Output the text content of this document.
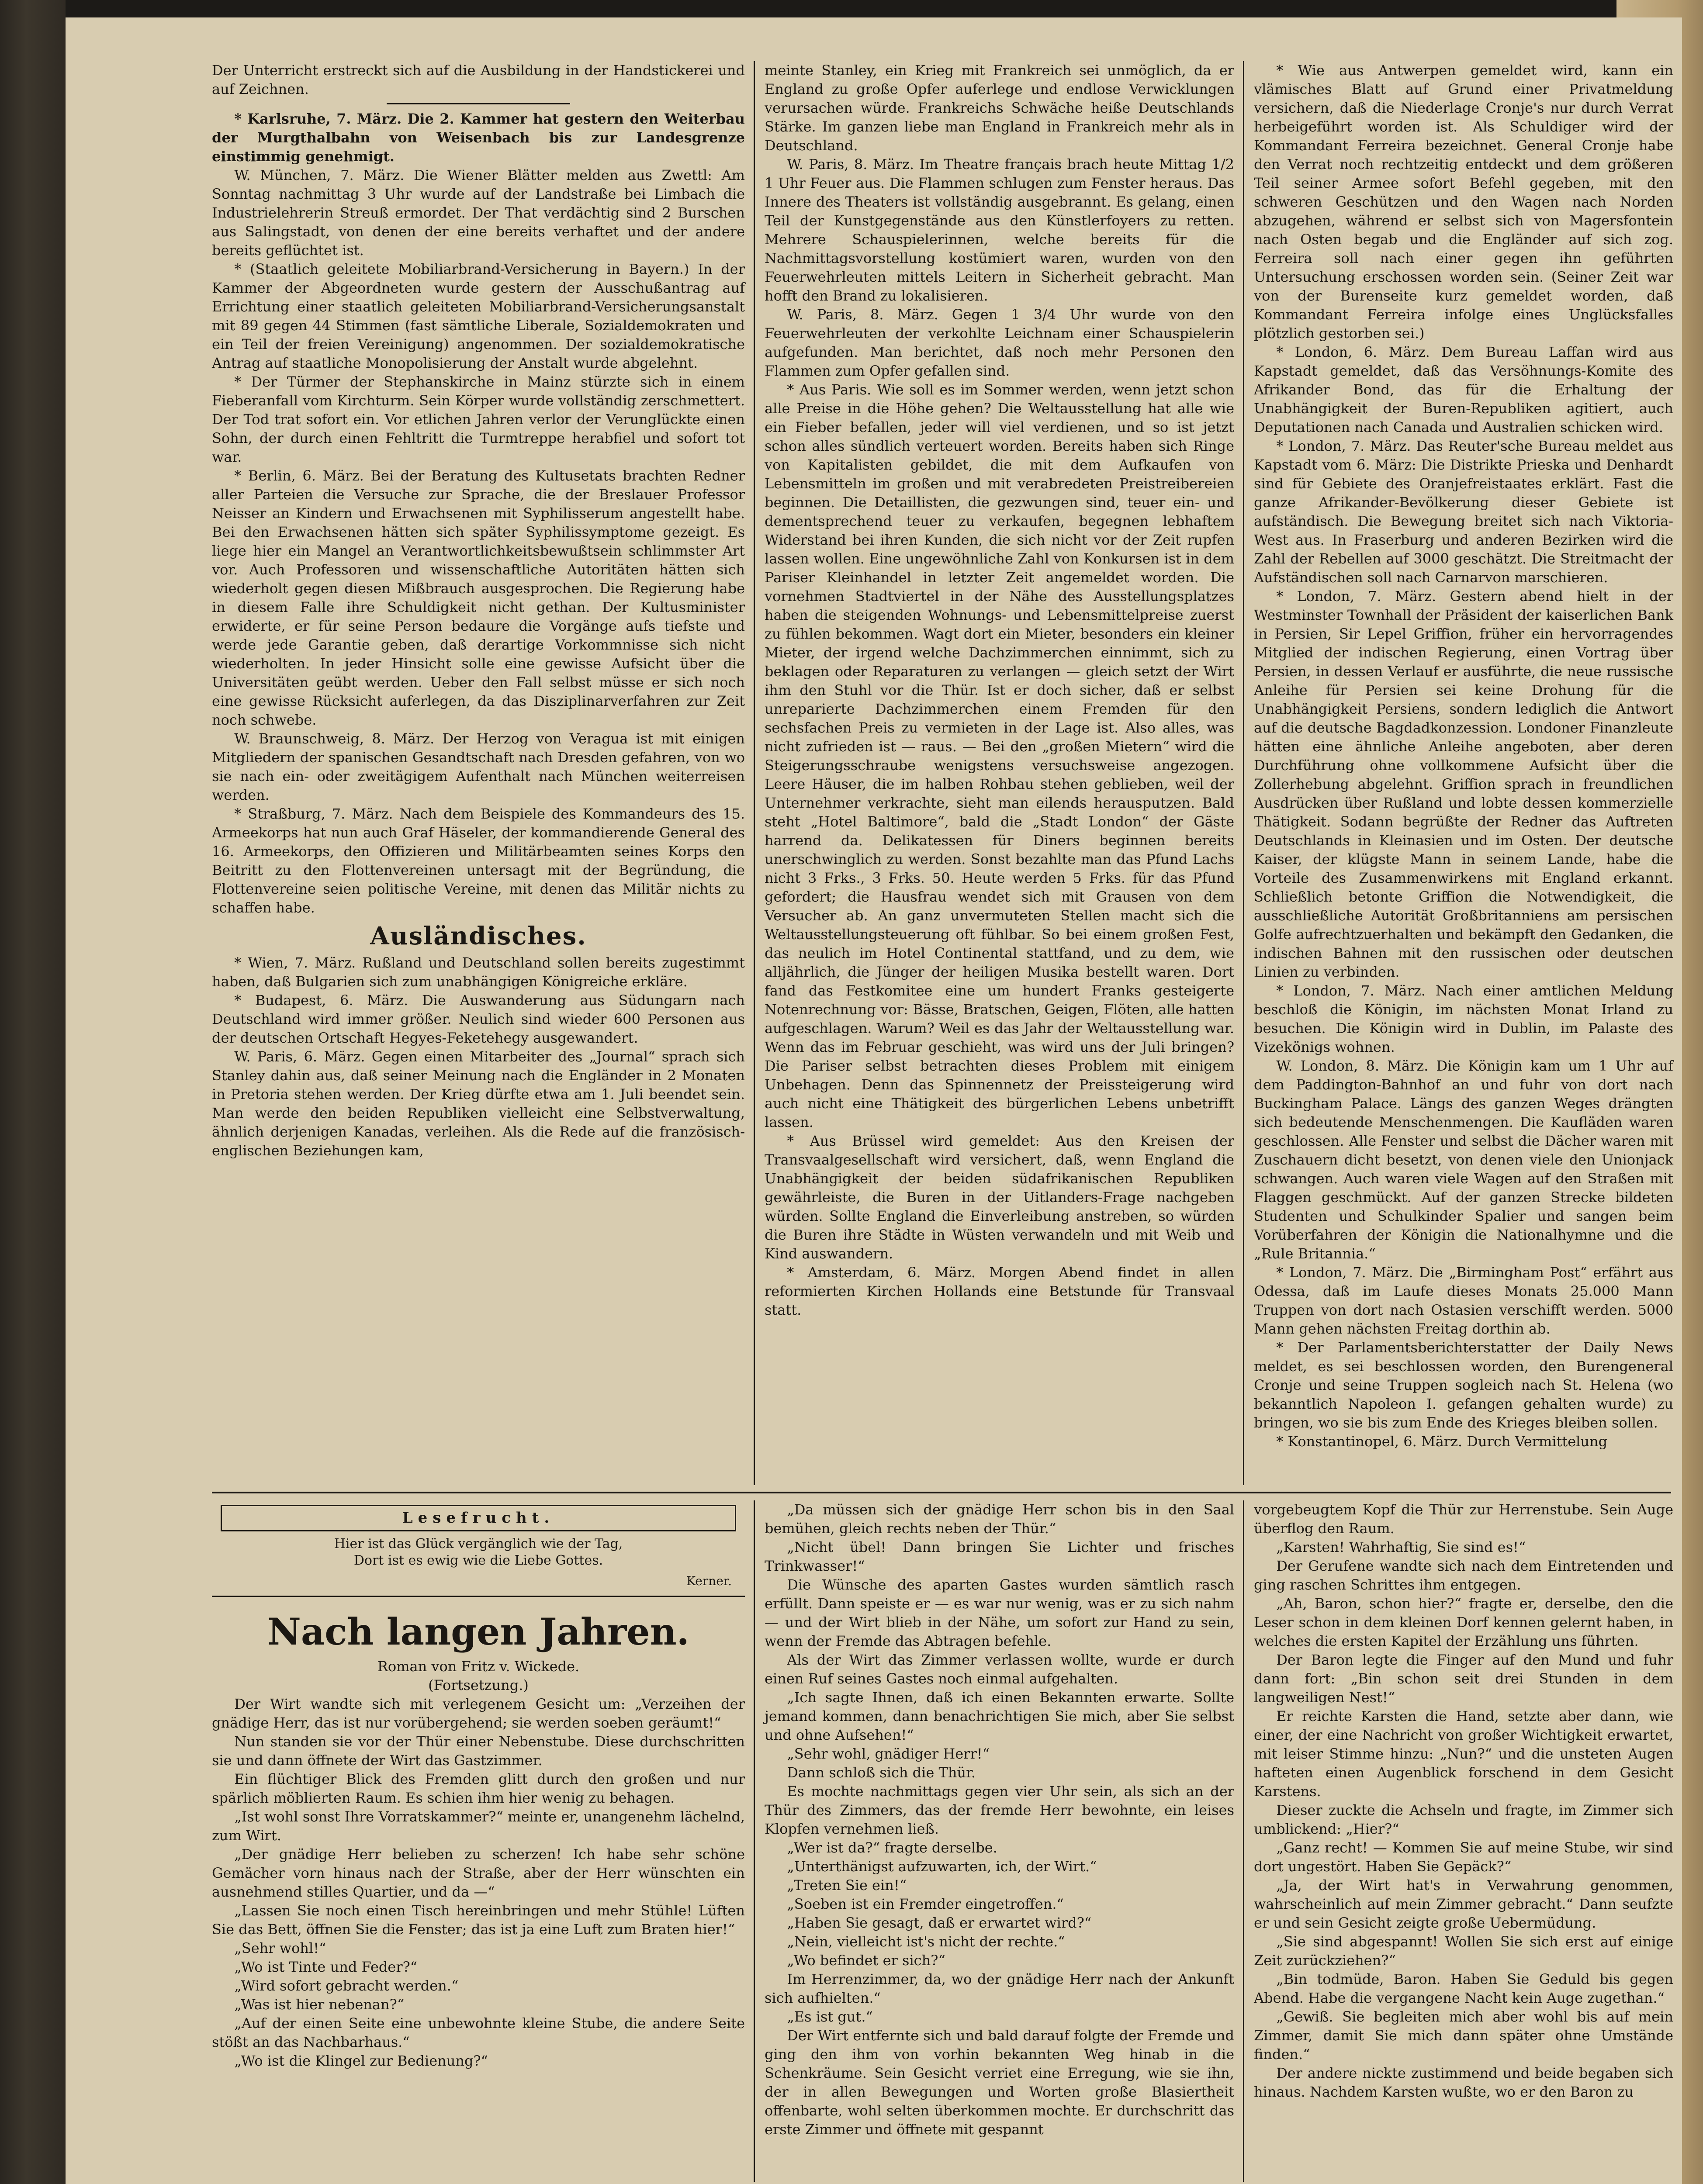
Der Unterricht erstreckt sich auf die Ausbildung in der Handstickerei und auf Zeichnen.

* Karlsruhe, 7. März. Die 2. Kammer hat gestern den Weiterbau der Murgthalbahn von Weisenbach bis zur Landesgrenze einstimmig genehmigt.

W. München, 7. März. Die Wiener Blätter melden aus Zwettl: Am Sonntag nachmittag 3 Uhr wurde auf der Landstraße bei Limbach die Industrielehrerin Streuß ermordet. Der That verdächtig sind 2 Burschen aus Salingstadt, von denen der eine bereits verhaftet und der andere bereits geflüchtet ist.

* (Staatlich geleitete Mobiliarbrand-Versicherung in Bayern.) In der Kammer der Abgeordneten wurde gestern der Ausschußantrag auf Errichtung einer staatlich geleiteten Mobiliarbrand-Versicherungsanstalt mit 89 gegen 44 Stimmen (fast sämtliche Liberale, Sozialdemokraten und ein Teil der freien Vereinigung) angenommen. Der sozialdemokratische Antrag auf staatliche Monopolisierung der Anstalt wurde abgelehnt.

* Der Türmer der Stephanskirche in Mainz stürzte sich in einem Fieberanfall vom Kirchturm. Sein Körper wurde vollständig zerschmettert. Der Tod trat sofort ein. Vor etlichen Jahren verlor der Verunglückte einen Sohn, der durch einen Fehltritt die Turmtreppe herabfiel und sofort tot war.

* Berlin, 6. März. Bei der Beratung des Kultusetats brachten Redner aller Parteien die Versuche zur Sprache, die der Breslauer Professor Neisser an Kindern und Erwachsenen mit Syphilisserum angestellt habe. Bei den Erwachsenen hätten sich später Syphilissymptome gezeigt. Es liege hier ein Mangel an Verantwortlichkeitsbewußtsein schlimmster Art vor. Auch Professoren und wissenschaftliche Autoritäten hätten sich wiederholt gegen diesen Mißbrauch ausgesprochen. Die Regierung habe in diesem Falle ihre Schuldigkeit nicht gethan. Der Kultusminister erwiderte, er für seine Person bedaure die Vorgänge aufs tiefste und werde jede Garantie geben, daß derartige Vorkommnisse sich nicht wiederholten. In jeder Hinsicht solle eine gewisse Aufsicht über die Universitäten geübt werden. Ueber den Fall selbst müsse er sich noch eine gewisse Rücksicht auferlegen, da das Disziplinarverfahren zur Zeit noch schwebe.

W. Braunschweig, 8. März. Der Herzog von Veragua ist mit einigen Mitgliedern der spanischen Gesandtschaft nach Dresden gefahren, von wo sie nach ein- oder zweitägigem Aufenthalt nach München weiterreisen werden.

* Straßburg, 7. März. Nach dem Beispiele des Kommandeurs des 15. Armeekorps hat nun auch Graf Häseler, der kommandierende General des 16. Armeekorps, den Offizieren und Militärbeamten seines Korps den Beitritt zu den Flottenvereinen untersagt mit der Begründung, die Flottenvereine seien politische Vereine, mit denen das Militär nichts zu schaffen habe.

Ausländisches.

* Wien, 7. März. Rußland und Deutschland sollen bereits zugestimmt haben, daß Bulgarien sich zum unabhängigen Königreiche erkläre.

* Budapest, 6. März. Die Auswanderung aus Südungarn nach Deutschland wird immer größer. Neulich sind wieder 600 Personen aus der deutschen Ortschaft Hegyes-Feketehegy ausgewandert.

W. Paris, 6. März. Gegen einen Mitarbeiter des „Journal“ sprach sich Stanley dahin aus, daß seiner Meinung nach die Engländer in 2 Monaten in Pretoria stehen werden. Der Krieg dürfte etwa am 1. Juli beendet sein. Man werde den beiden Republiken vielleicht eine Selbstverwaltung, ähnlich derjenigen Kanadas, verleihen. Als die Rede auf die französisch-englischen Beziehungen kam,

meinte Stanley, ein Krieg mit Frankreich sei unmöglich, da er England zu große Opfer auferlege und endlose Verwicklungen verursachen würde. Frankreichs Schwäche heiße Deutschlands Stärke. Im ganzen liebe man England in Frankreich mehr als in Deutschland.

W. Paris, 8. März. Im Theatre français brach heute Mittag 1/2 1 Uhr Feuer aus. Die Flammen schlugen zum Fenster heraus. Das Innere des Theaters ist vollständig ausgebrannt. Es gelang, einen Teil der Kunstgegenstände aus den Künstlerfoyers zu retten. Mehrere Schauspielerinnen, welche bereits für die Nachmittagsvorstellung kostümiert waren, wurden von den Feuerwehrleuten mittels Leitern in Sicherheit gebracht. Man hofft den Brand zu lokalisieren.

W. Paris, 8. März. Gegen 1 3/4 Uhr wurde von den Feuerwehrleuten der verkohlte Leichnam einer Schauspielerin aufgefunden. Man berichtet, daß noch mehr Personen den Flammen zum Opfer gefallen sind.

* Aus Paris. Wie soll es im Sommer werden, wenn jetzt schon alle Preise in die Höhe gehen? Die Weltausstellung hat alle wie ein Fieber befallen, jeder will viel verdienen, und so ist jetzt schon alles sündlich verteuert worden. Bereits haben sich Ringe von Kapitalisten gebildet, die mit dem Aufkaufen von Lebensmitteln im großen und mit verabredeten Preistreibereien beginnen. Die Detaillisten, die gezwungen sind, teuer ein- und dementsprechend teuer zu verkaufen, begegnen lebhaftem Widerstand bei ihren Kunden, die sich nicht vor der Zeit rupfen lassen wollen. Eine ungewöhnliche Zahl von Konkursen ist in dem Pariser Kleinhandel in letzter Zeit angemeldet worden. Die vornehmen Stadtviertel in der Nähe des Ausstellungsplatzes haben die steigenden Wohnungs- und Lebensmittelpreise zuerst zu fühlen bekommen. Wagt dort ein Mieter, besonders ein kleiner Mieter, der irgend welche Dachzimmerchen einnimmt, sich zu beklagen oder Reparaturen zu verlangen — gleich setzt der Wirt ihm den Stuhl vor die Thür. Ist er doch sicher, daß er selbst unreparierte Dachzimmerchen einem Fremden für den sechsfachen Preis zu vermieten in der Lage ist. Also alles, was nicht zufrieden ist — raus. — Bei den „großen Mietern“ wird die Steigerungsschraube wenigstens versuchsweise angezogen. Leere Häuser, die im halben Rohbau stehen geblieben, weil der Unternehmer verkrachte, sieht man eilends herausputzen. Bald steht „Hotel Baltimore“, bald die „Stadt London“ der Gäste harrend da. Delikatessen für Diners beginnen bereits unerschwinglich zu werden. Sonst bezahlte man das Pfund Lachs nicht 3 Frks., 3 Frks. 50. Heute werden 5 Frks. für das Pfund gefordert; die Hausfrau wendet sich mit Grausen von dem Versucher ab. An ganz unvermuteten Stellen macht sich die Weltausstellungsteuerung oft fühlbar. So bei einem großen Fest, das neulich im Hotel Continental stattfand, und zu dem, wie alljährlich, die Jünger der heiligen Musika bestellt waren. Dort fand das Festkomitee eine um hundert Franks gesteigerte Notenrechnung vor: Bässe, Bratschen, Geigen, Flöten, alle hatten aufgeschlagen. Warum? Weil es das Jahr der Weltausstellung war. Wenn das im Februar geschieht, was wird uns der Juli bringen? Die Pariser selbst betrachten dieses Problem mit einigem Unbehagen. Denn das Spinnennetz der Preissteigerung wird auch nicht eine Thätigkeit des bürgerlichen Lebens unbetrifft lassen.

* Aus Brüssel wird gemeldet: Aus den Kreisen der Transvaalgesellschaft wird versichert, daß, wenn England die Unabhängigkeit der beiden südafrikanischen Republiken gewährleiste, die Buren in der Uitlanders-Frage nachgeben würden. Sollte England die Einverleibung anstreben, so würden die Buren ihre Städte in Wüsten verwandeln und mit Weib und Kind auswandern.

* Amsterdam, 6. März. Morgen Abend findet in allen reformierten Kirchen Hollands eine Betstunde für Transvaal statt.

* Wie aus Antwerpen gemeldet wird, kann ein vlämisches Blatt auf Grund einer Privatmeldung versichern, daß die Niederlage Cronje's nur durch Verrat herbeigeführt worden ist. Als Schuldiger wird der Kommandant Ferreira bezeichnet. General Cronje habe den Verrat noch rechtzeitig entdeckt und dem größeren Teil seiner Armee sofort Befehl gegeben, mit den schweren Geschützen und den Wagen nach Norden abzugehen, während er selbst sich von Magersfontein nach Osten begab und die Engländer auf sich zog. Ferreira soll nach einer gegen ihn geführten Untersuchung erschossen worden sein. (Seiner Zeit war von der Burenseite kurz gemeldet worden, daß Kommandant Ferreira infolge eines Unglücksfalles plötzlich gestorben sei.)

* London, 6. März. Dem Bureau Laffan wird aus Kapstadt gemeldet, daß das Versöhnungs-Komite des Afrikander Bond, das für die Erhaltung der Unabhängigkeit der Buren-Republiken agitiert, auch Deputationen nach Canada und Australien schicken wird.

* London, 7. März. Das Reuter'sche Bureau meldet aus Kapstadt vom 6. März: Die Distrikte Prieska und Denhardt sind für Gebiete des Oranjefreistaates erklärt. Fast die ganze Afrikander-Bevölkerung dieser Gebiete ist aufständisch. Die Bewegung breitet sich nach Viktoria-West aus. In Fraserburg und anderen Bezirken wird die Zahl der Rebellen auf 3000 geschätzt. Die Streitmacht der Aufständischen soll nach Carnarvon marschieren.

* London, 7. März. Gestern abend hielt in der Westminster Townhall der Präsident der kaiserlichen Bank in Persien, Sir Lepel Griffion, früher ein hervorragendes Mitglied der indischen Regierung, einen Vortrag über Persien, in dessen Verlauf er ausführte, die neue russische Anleihe für Persien sei keine Drohung für die Unabhängigkeit Persiens, sondern lediglich die Antwort auf die deutsche Bagdadkonzession. Londoner Finanzleute hätten eine ähnliche Anleihe angeboten, aber deren Durchführung ohne vollkommene Aufsicht über die Zollerhebung abgelehnt. Griffion sprach in freundlichen Ausdrücken über Rußland und lobte dessen kommerzielle Thätigkeit. Sodann begrüßte der Redner das Auftreten Deutschlands in Kleinasien und im Osten. Der deutsche Kaiser, der klügste Mann in seinem Lande, habe die Vorteile des Zusammenwirkens mit England erkannt. Schließlich betonte Griffion die Notwendigkeit, die ausschließliche Autorität Großbritanniens am persischen Golfe aufrechtzuerhalten und bekämpft den Gedanken, die indischen Bahnen mit den russischen oder deutschen Linien zu verbinden.

* London, 7. März. Nach einer amtlichen Meldung beschloß die Königin, im nächsten Monat Irland zu besuchen. Die Königin wird in Dublin, im Palaste des Vizekönigs wohnen.

W. London, 8. März. Die Königin kam um 1 Uhr auf dem Paddington-Bahnhof an und fuhr von dort nach Buckingham Palace. Längs des ganzen Weges drängten sich bedeutende Menschenmengen. Die Kaufläden waren geschlossen. Alle Fenster und selbst die Dächer waren mit Zuschauern dicht besetzt, von denen viele den Unionjack schwangen. Auch waren viele Wagen auf den Straßen mit Flaggen geschmückt. Auf der ganzen Strecke bildeten Studenten und Schulkinder Spalier und sangen beim Vorüberfahren der Königin die Nationalhymne und die „Rule Britannia.“

* London, 7. März. Die „Birmingham Post“ erfährt aus Odessa, daß im Laufe dieses Monats 25.000 Mann Truppen von dort nach Ostasien verschifft werden. 5000 Mann gehen nächsten Freitag dorthin ab.

* Der Parlamentsberichterstatter der Daily News meldet, es sei beschlossen worden, den Burengeneral Cronje und seine Truppen sogleich nach St. Helena (wo bekanntlich Napoleon I. gefangen gehalten wurde) zu bringen, wo sie bis zum Ende des Krieges bleiben sollen.

* Konstantinopel, 6. März. Durch Vermittelung

Lesefrucht.
Hier ist das Glück vergänglich wie der Tag,
Dort ist es ewig wie die Liebe Gottes.
Kerner.
Nach langen Jahren.

Roman von Fritz v. Wickede.

(Fortsetzung.)

Der Wirt wandte sich mit verlegenem Gesicht um: „Verzeihen der gnädige Herr, das ist nur vorübergehend; sie werden soeben geräumt!“

Nun standen sie vor der Thür einer Nebenstube. Diese durchschritten sie und dann öffnete der Wirt das Gastzimmer.

Ein flüchtiger Blick des Fremden glitt durch den großen und nur spärlich möblierten Raum. Es schien ihm hier wenig zu behagen.

„Ist wohl sonst Ihre Vorratskammer?“ meinte er, unangenehm lächelnd, zum Wirt.

„Der gnädige Herr belieben zu scherzen! Ich habe sehr schöne Gemächer vorn hinaus nach der Straße, aber der Herr wünschten ein ausnehmend stilles Quartier, und da —“

„Lassen Sie noch einen Tisch hereinbringen und mehr Stühle! Lüften Sie das Bett, öffnen Sie die Fenster; das ist ja eine Luft zum Braten hier!“

„Sehr wohl!“

„Wo ist Tinte und Feder?“

„Wird sofort gebracht werden.“

„Was ist hier nebenan?“

„Auf der einen Seite eine unbewohnte kleine Stube, die andere Seite stößt an das Nachbarhaus.“

„Wo ist die Klingel zur Bedienung?“

„Da müssen sich der gnädige Herr schon bis in den Saal bemühen, gleich rechts neben der Thür.“

„Nicht übel! Dann bringen Sie Lichter und frisches Trinkwasser!“

Die Wünsche des aparten Gastes wurden sämtlich rasch erfüllt. Dann speiste er — es war nur wenig, was er zu sich nahm — und der Wirt blieb in der Nähe, um sofort zur Hand zu sein, wenn der Fremde das Abtragen befehle.

Als der Wirt das Zimmer verlassen wollte, wurde er durch einen Ruf seines Gastes noch einmal aufgehalten.

„Ich sagte Ihnen, daß ich einen Bekannten erwarte. Sollte jemand kommen, dann benachrichtigen Sie mich, aber Sie selbst und ohne Aufsehen!“

„Sehr wohl, gnädiger Herr!“

Dann schloß sich die Thür.

Es mochte nachmittags gegen vier Uhr sein, als sich an der Thür des Zimmers, das der fremde Herr bewohnte, ein leises Klopfen vernehmen ließ.

„Wer ist da?“ fragte derselbe.

„Unterthänigst aufzuwarten, ich, der Wirt.“

„Treten Sie ein!“

„Soeben ist ein Fremder eingetroffen.“

„Haben Sie gesagt, daß er erwartet wird?“

„Nein, vielleicht ist's nicht der rechte.“

„Wo befindet er sich?“

Im Herrenzimmer, da, wo der gnädige Herr nach der Ankunft sich aufhielten.“

„Es ist gut.“

Der Wirt entfernte sich und bald darauf folgte der Fremde und ging den ihm von vorhin bekannten Weg hinab in die Schenkräume. Sein Gesicht verriet eine Erregung, wie sie ihn, der in allen Bewegungen und Worten große Blasiertheit offenbarte, wohl selten überkommen mochte. Er durchschritt das erste Zimmer und öffnete mit gespannt

vorgebeugtem Kopf die Thür zur Herrenstube. Sein Auge überflog den Raum.

„Karsten! Wahrhaftig, Sie sind es!“

Der Gerufene wandte sich nach dem Eintretenden und ging raschen Schrittes ihm entgegen.

„Ah, Baron, schon hier?“ fragte er, derselbe, den die Leser schon in dem kleinen Dorf kennen gelernt haben, in welches die ersten Kapitel der Erzählung uns führten.

Der Baron legte die Finger auf den Mund und fuhr dann fort: „Bin schon seit drei Stunden in dem langweiligen Nest!“

Er reichte Karsten die Hand, setzte aber dann, wie einer, der eine Nachricht von großer Wichtigkeit erwartet, mit leiser Stimme hinzu: „Nun?“ und die unsteten Augen hafteten einen Augenblick forschend in dem Gesicht Karstens.

Dieser zuckte die Achseln und fragte, im Zimmer sich umblickend: „Hier?“

„Ganz recht! — Kommen Sie auf meine Stube, wir sind dort ungestört. Haben Sie Gepäck?“

„Ja, der Wirt hat's in Verwahrung genommen, wahrscheinlich auf mein Zimmer gebracht.“ Dann seufzte er und sein Gesicht zeigte große Uebermüdung.

„Sie sind abgespannt! Wollen Sie sich erst auf einige Zeit zurückziehen?“

„Bin todmüde, Baron. Haben Sie Geduld bis gegen Abend. Habe die vergangene Nacht kein Auge zugethan.“

„Gewiß. Sie begleiten mich aber wohl bis auf mein Zimmer, damit Sie mich dann später ohne Umstände finden.“

Der andere nickte zustimmend und beide begaben sich hinaus. Nachdem Karsten wußte, wo er den Baron zu
